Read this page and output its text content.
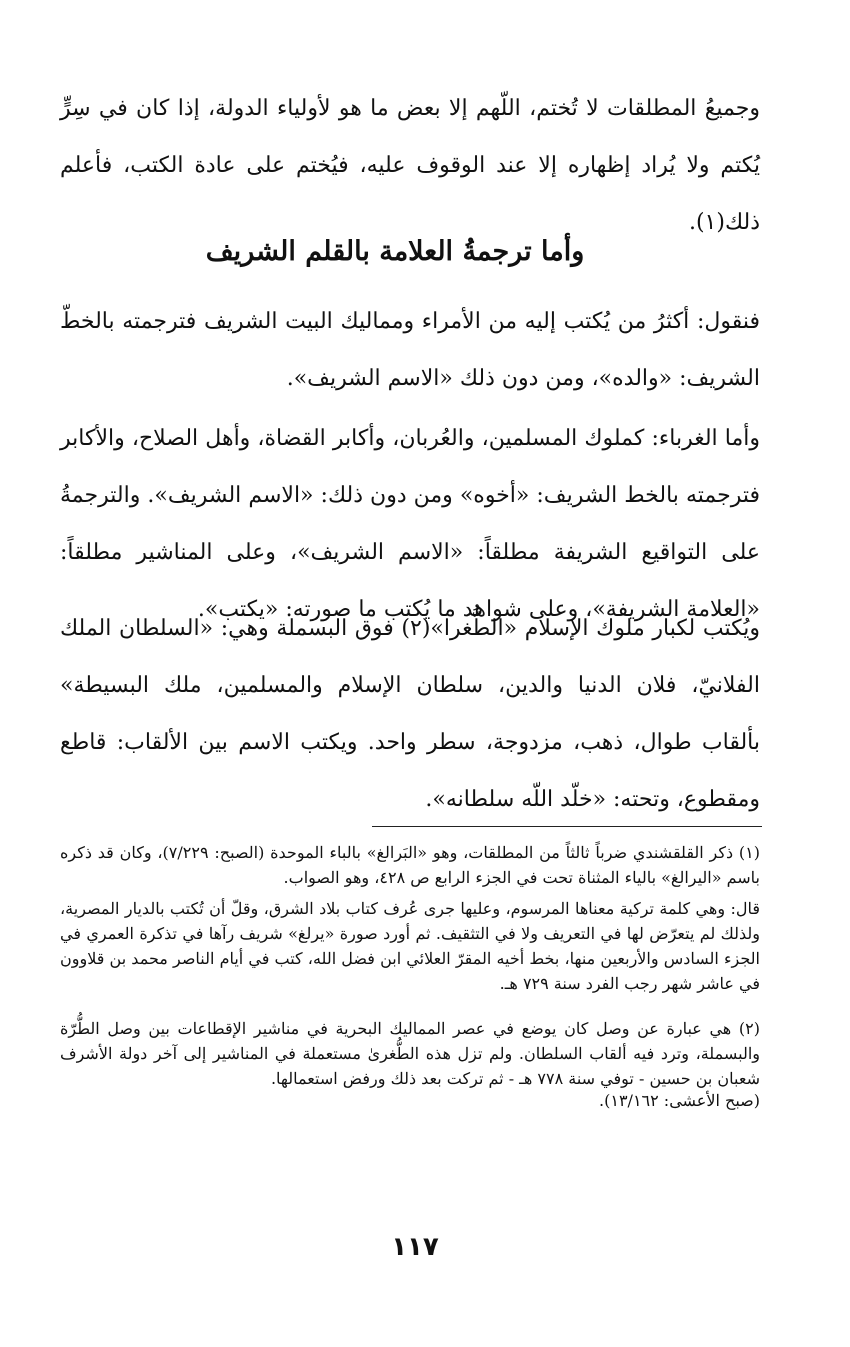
وجميعُ المطلقات لا تُختم، اللّهم إلا بعض ما هو لأولياء الدولة، إذا كان في سِرٍّ يُكتم ولا يُراد إظهاره إلا عند الوقوف عليه، فيُختم على عادة الكتب، فأعلم ذلك(١).

وأما ترجمةُ العلامة بالقلم الشريف

فنقول: أكثرُ من يُكتب إليه من الأمراء ومماليك البيت الشريف فترجمته بالخطّ الشريف: «والده»، ومن دون ذلك «الاسم الشريف».

وأما الغرباء: كملوك المسلمين، والعُربان، وأكابر القضاة، وأهل الصلاح، والأكابر فترجمته بالخط الشريف: «أخوه» ومن دون ذلك: «الاسم الشريف». والترجمةُ على التواقيع الشريفة مطلقاً: «الاسم الشريف»، وعلى المناشير مطلقاً: «العلامة الشريفة»، وعلى شواهد ما يُكتب ما صورته: «يكتب».

ويُكتب لكبار ملوك الإسلام «الطُّغرا»(٢) فوق البسملة وهي: «السلطان الملك الفلانيّ، فلان الدنيا والدين، سلطان الإسلام والمسلمين، ملك البسيطة» بألقاب طوال، ذهب، مزدوجة، سطر واحد. ويكتب الاسم بين الألقاب: قاطع ومقطوع، وتحته: «خلّد اللّه سلطانه».

(١) ذكر القلقشندي ضرباً ثالثاً من المطلقات، وهو «البَرالغ» بالباء الموحدة (الصبح: ٧/٢٢٩)، وكان قد ذكره باسم «اليرالغ» بالياء المثناة تحت في الجزء الرابع ص ٤٢٨، وهو الصواب.

قال: وهي كلمة تركية معناها المرسوم، وعليها جرى عُرف كتاب بلاد الشرق، وقلّ أن تُكتب بالديار المصرية، ولذلك لم يتعرّض لها في التعريف ولا في التثقيف. ثم أورد صورة «يرلغ» شريف رآها في تذكرة العمري في الجزء السادس والأربعين منها، بخط أخيه المقرّ العلائي ابن فضل الله، كتب في أيام الناصر محمد بن قلاوون في عاشر شهر رجب الفرد سنة ٧٢٩ هـ.

(٢) هي عبارة عن وصل كان يوضع في عصر المماليك البحرية في مناشير الإقطاعات بين وصل الطُّرّة والبسملة، وترد فيه ألقاب السلطان. ولم تزل هذه الطُّغرىٰ مستعملة في المناشير إلى آخر دولة الأشرف شعبان بن حسين - توفي سنة ٧٧٨ هـ - ثم تركت بعد ذلك ورفض استعمالها.

(صبح الأعشى: ١٣/١٦٢).

١١٧
